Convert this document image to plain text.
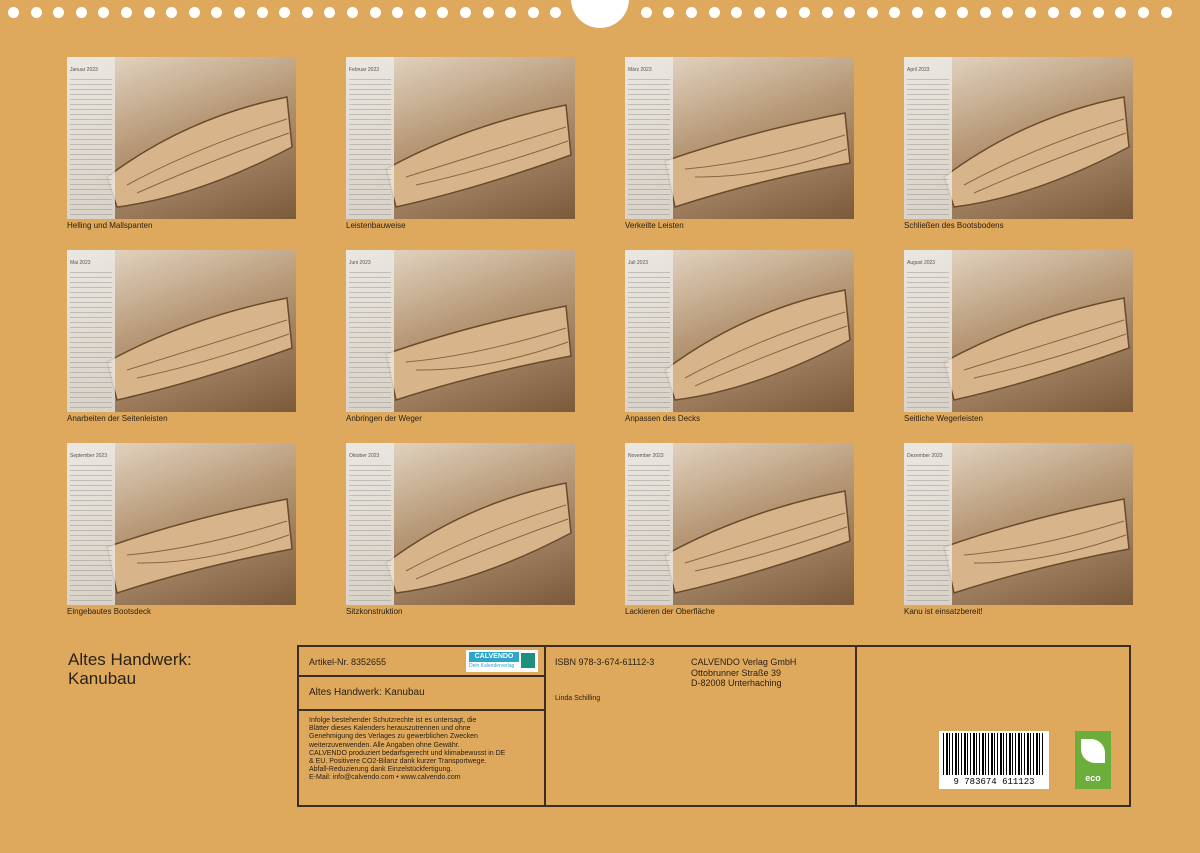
Januar 2023
Helling und Mallspanten
Februar 2023
Leistenbauweise
März 2023
Verkeilte Leisten
April 2023
Schließen des Bootsbodens
Mai 2023
Anarbeiten der Seitenleisten
Juni 2023
Anbringen der Weger
Juli 2023
Anpassen des Decks
August 2023
Seitliche Wegerleisten
September 2023
Eingebautes Bootsdeck
Oktober 2023
Sitzkonstruktion
November 2023
Lackieren der Oberfläche
Dezember 2023
Kanu ist einsatzbereit!
Altes Handwerk:
Kanubau
Artikel-Nr. 8352655
CALVENDO
Dein Kalenderverlag
Altes Handwerk: Kanubau
Infolge bestehender Schutzrechte ist es untersagt, die
Blätter dieses Kalenders herauszutrennen und ohne
Genehmigung des Verlages zu gewerblichen Zwecken
weiterzuverwenden. Alle Angaben ohne Gewähr.
CALVENDO produziert bedarfsgerecht und klimabewusst in DE
& EU. Positivere CO2-Bilanz dank kurzer Transportwege.
Abfall-Reduzierung dank Einzelstückfertigung.
E-Mail: info@calvendo.com • www.calvendo.com
ISBN 978-3-674-61112-3
Linda Schilling
CALVENDO Verlag GmbH
Ottobrunner Straße 39
D-82008 Unterhaching
9 783674 611123	eco
